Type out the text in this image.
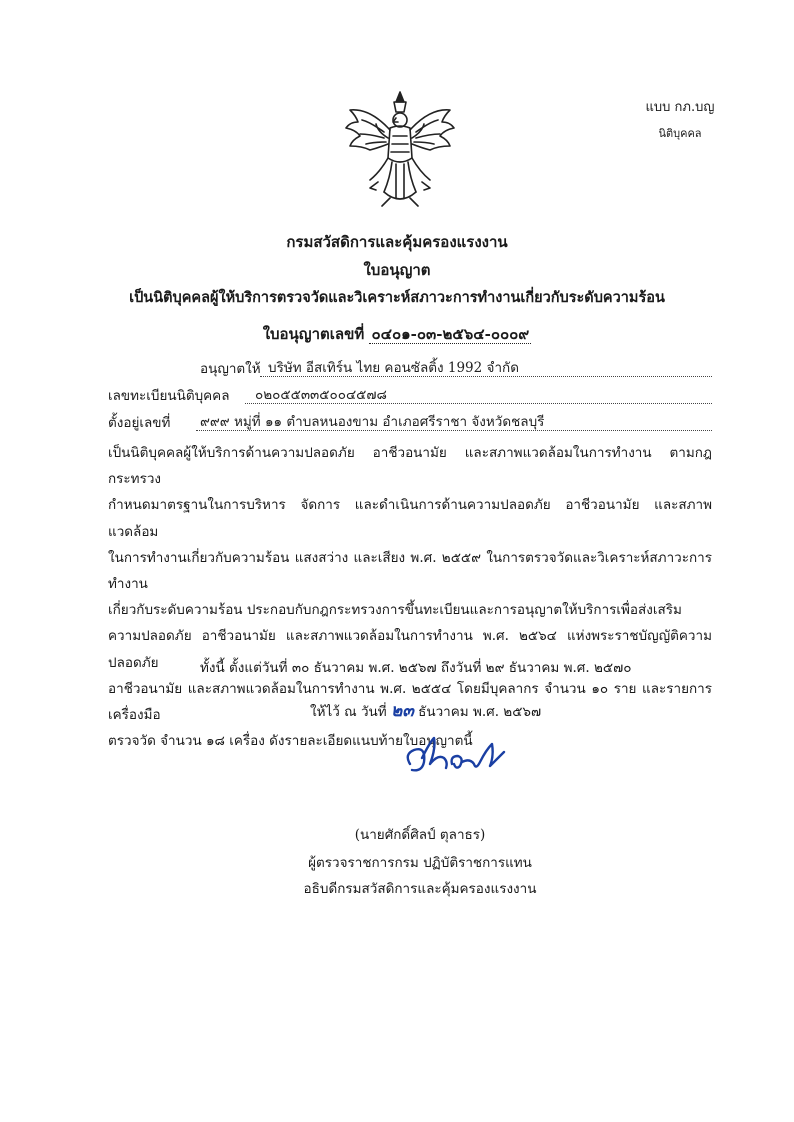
แบบ กภ.บญ
นิติบุคคล
กรมสวัสดิการและคุ้มครองแรงงาน
ใบอนุญาต
เป็นนิติบุคคลผู้ให้บริการตรวจวัดและวิเคราะห์สภาวะการทำงานเกี่ยวกับระดับความร้อน
ใบอนุญาตเลขที่ ๐๔๐๑-๐๓-๒๕๖๔-๐๐๐๙
อนุญาตให้ บริษัท อีสเทิร์น ไทย คอนซัลติ้ง 1992 จำกัด
เลขทะเบียนนิติบุคคล ๐๒๐๕๕๓๓๕๐๐๔๕๗๘
ตั้งอยู่เลขที่ ๙๙๙ หมู่ที่ ๑๑ ตำบลหนองขาม อำเภอศรีราชา จังหวัดชลบุรี
เป็นนิติบุคคลผู้ให้บริการด้านความปลอดภัย อาชีวอนามัย และสภาพแวดล้อมในการทำงาน ตามกฎกระทรวง
กำหนดมาตรฐานในการบริหาร จัดการ และดำเนินการด้านความปลอดภัย อาชีวอนามัย และสภาพแวดล้อม
ในการทำงานเกี่ยวกับความร้อน แสงสว่าง และเสียง พ.ศ. ๒๕๕๙ ในการตรวจวัดและวิเคราะห์สภาวะการทำงาน
เกี่ยวกับระดับความร้อน ประกอบกับกฎกระทรวงการขึ้นทะเบียนและการอนุญาตให้บริการเพื่อส่งเสริม
ความปลอดภัย อาชีวอนามัย และสภาพแวดล้อมในการทำงาน พ.ศ. ๒๕๖๔ แห่งพระราชบัญญัติความปลอดภัย
อาชีวอนามัย และสภาพแวดล้อมในการทำงาน พ.ศ. ๒๕๕๔ โดยมีบุคลากร จำนวน ๑๐ ราย และรายการเครื่องมือ
ตรวจวัด จำนวน ๑๘ เครื่อง ดังรายละเอียดแนบท้ายใบอนุญาตนี้
ทั้งนี้ ตั้งแต่วันที่ ๓๐ ธันวาคม พ.ศ. ๒๕๖๗ ถึงวันที่ ๒๙ ธันวาคม พ.ศ. ๒๕๗๐
ให้ไว้ ณ วันที่ ๒๓ ธันวาคม พ.ศ. ๒๕๖๗
(นายศักดิ์ศิลป์ ตุลาธร)
ผู้ตรวจราชการกรม ปฏิบัติราชการแทน
อธิบดีกรมสวัสดิการและคุ้มครองแรงงาน
